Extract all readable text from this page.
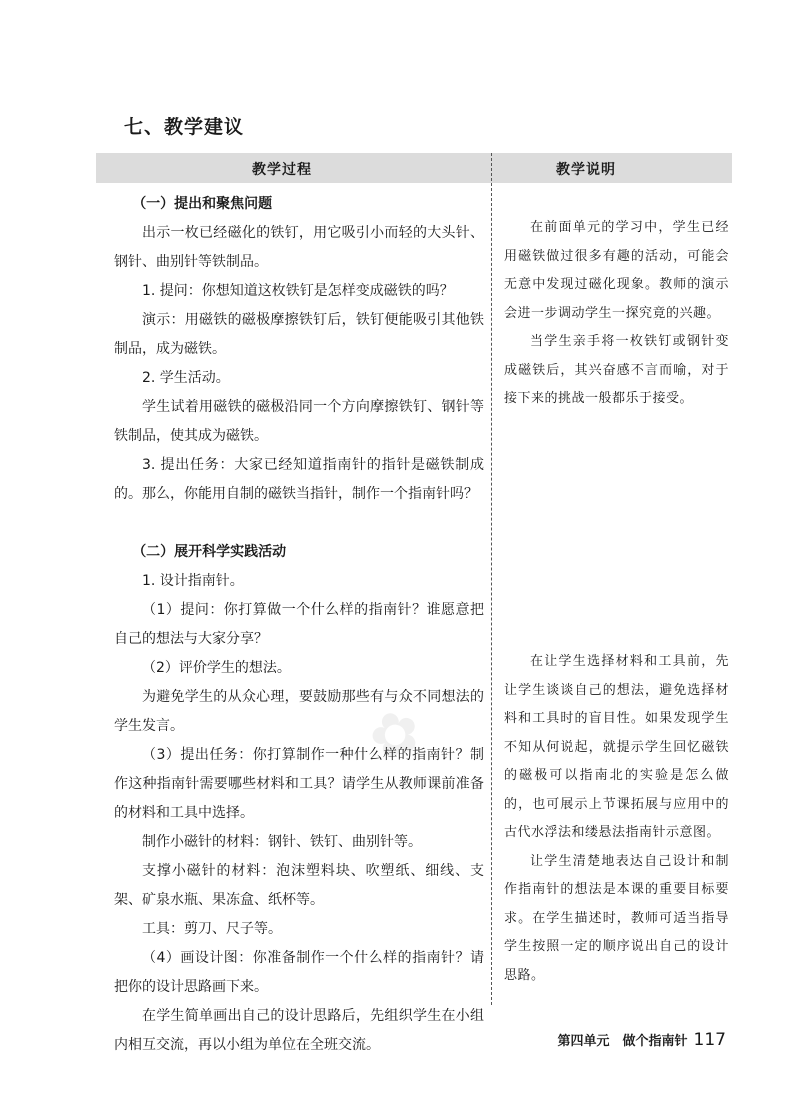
七、教学建议
教学过程	教学说明
✿

（一）提出和聚焦问题

出示一枚已经磁化的铁钉，用它吸引小而轻的大头针、钢针、曲别针等铁制品。

1. 提问：你想知道这枚铁钉是怎样变成磁铁的吗？

演示：用磁铁的磁极摩擦铁钉后，铁钉便能吸引其他铁制品，成为磁铁。

2. 学生活动。

学生试着用磁铁的磁极沿同一个方向摩擦铁钉、钢针等铁制品，使其成为磁铁。

3. 提出任务：大家已经知道指南针的指针是磁铁制成的。那么，你能用自制的磁铁当指针，制作一个指南针吗？

（二）展开科学实践活动

1. 设计指南针。

（1）提问：你打算做一个什么样的指南针？谁愿意把自己的想法与大家分享？

（2）评价学生的想法。

为避免学生的从众心理，要鼓励那些有与众不同想法的学生发言。

（3）提出任务：你打算制作一种什么样的指南针？制作这种指南针需要哪些材料和工具？请学生从教师课前准备的材料和工具中选择。

制作小磁针的材料：钢针、铁钉、曲别针等。

支撑小磁针的材料：泡沫塑料块、吹塑纸、细线、支架、矿泉水瓶、果冻盒、纸杯等。

工具：剪刀、尺子等。

（4）画设计图：你准备制作一个什么样的指南针？请把你的设计思路画下来。

在学生简单画出自己的设计思路后，先组织学生在小组内相互交流，再以小组为单位在全班交流。

在前面单元的学习中，学生已经用磁铁做过很多有趣的活动，可能会无意中发现过磁化现象。教师的演示会进一步调动学生一探究竟的兴趣。

当学生亲手将一枚铁钉或钢针变成磁铁后，其兴奋感不言而喻，对于接下来的挑战一般都乐于接受。

在让学生选择材料和工具前，先让学生谈谈自己的想法，避免选择材料和工具时的盲目性。如果发现学生不知从何说起，就提示学生回忆磁铁的磁极可以指南北的实验是怎么做的，也可展示上节课拓展与应用中的古代水浮法和缕悬法指南针示意图。

让学生清楚地表达自己设计和制作指南针的想法是本课的重要目标要求。在学生描述时，教师可适当指导学生按照一定的顺序说出自己的设计思路。

第四单元　做个指南针 117
